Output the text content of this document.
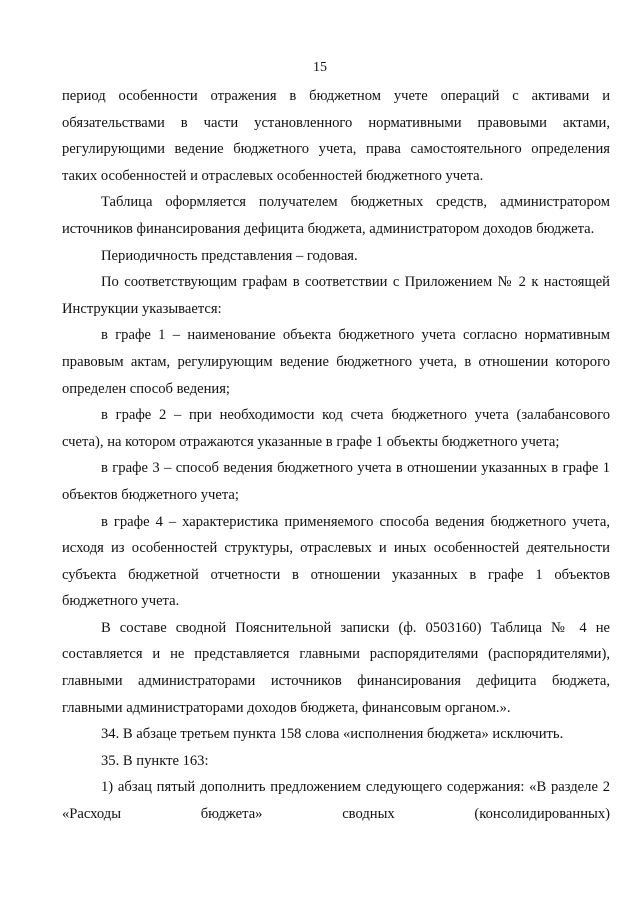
15

период особенности отражения в бюджетном учете операций с активами и обязательствами в части установленного нормативными правовыми актами, регулирующими ведение бюджетного учета, права самостоятельного определения таких особенностей и отраслевых особенностей бюджетного учета.

Таблица оформляется получателем бюджетных средств, администратором источников финансирования дефицита бюджета, администратором доходов бюджета.

Периодичность представления – годовая.

По соответствующим графам в соответствии с Приложением № 2 к настоящей Инструкции указывается:

в графе 1 – наименование объекта бюджетного учета согласно нормативным правовым актам, регулирующим ведение бюджетного учета, в отношении которого определен способ ведения;

в графе 2 – при необходимости код счета бюджетного учета (залабансового счета), на котором отражаются указанные в графе 1 объекты бюджетного учета;

в графе 3 – способ ведения бюджетного учета в отношении указанных в графе 1 объектов бюджетного учета;

в графе 4 – характеристика применяемого способа ведения бюджетного учета, исходя из особенностей структуры, отраслевых и иных особенностей деятельности субъекта бюджетной отчетности в отношении указанных в графе 1 объектов бюджетного учета.

В составе сводной Пояснительной записки (ф. 0503160) Таблица № 4 не составляется и не представляется главными распорядителями (распорядителями), главными администраторами источников финансирования дефицита бюджета, главными администраторами доходов бюджета, финансовым органом.».

34. В абзаце третьем пункта 158 слова «исполнения бюджета» исключить.

35. В пункте 163:

1) абзац пятый дополнить предложением следующего содержания: «В разделе 2 «Расходы бюджета» сводных (консолидированных)
